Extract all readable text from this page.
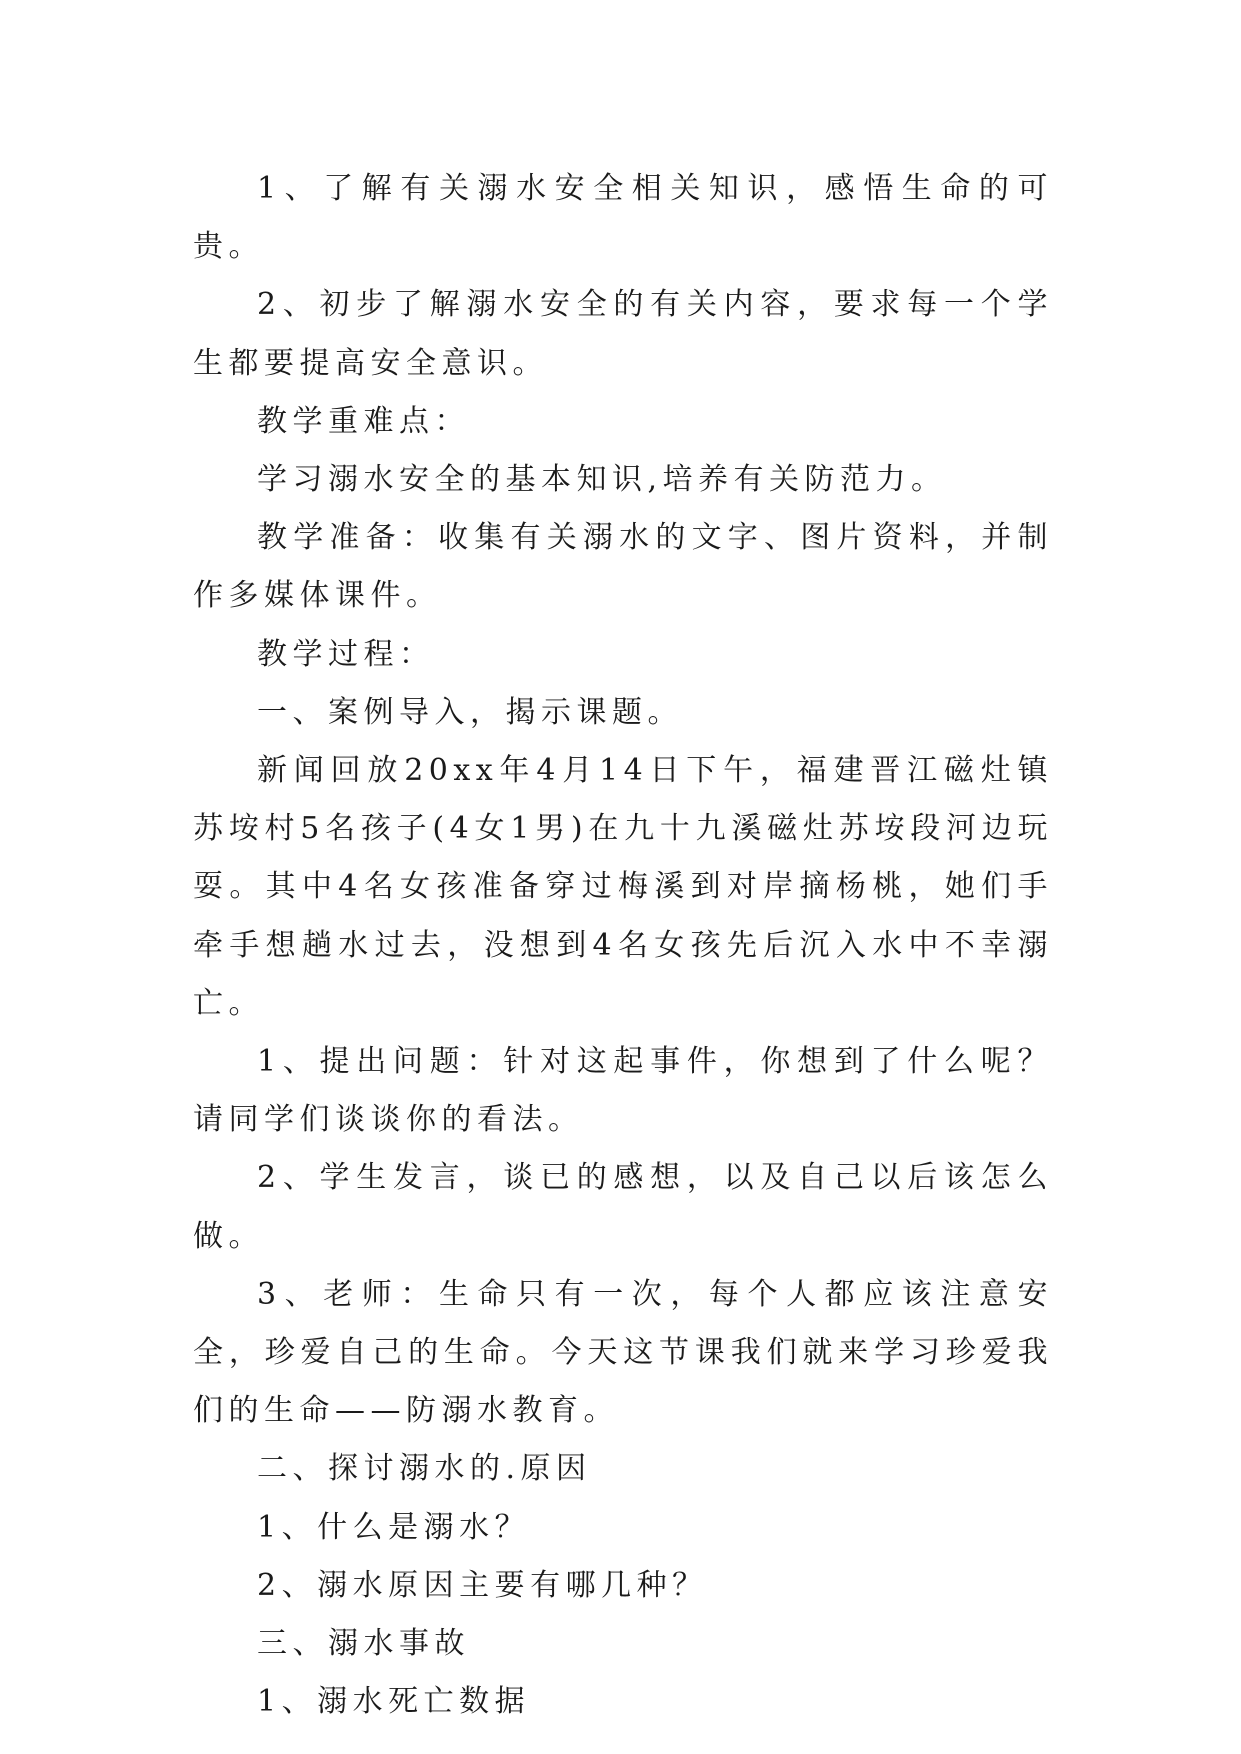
1、了解有关溺水安全相关知识，感悟生命的可贵。

2、初步了解溺水安全的有关内容，要求每一个学生都要提高安全意识。

教学重难点：

学习溺水安全的基本知识,培养有关防范力。

教学准备：收集有关溺水的文字、图片资料，并制作多媒体课件。

教学过程：

一、案例导入，揭示课题。

新闻回放20xx年4月14日下午，福建晋江磁灶镇苏垵村5名孩子(4女1男)在九十九溪磁灶苏垵段河边玩耍。其中4名女孩准备穿过梅溪到对岸摘杨桃，她们手牵手想趟水过去，没想到4名女孩先后沉入水中不幸溺亡。

1、提出问题：针对这起事件，你想到了什么呢？请同学们谈谈你的看法。

2、学生发言，谈已的感想，以及自己以后该怎么做。

3、老师：生命只有一次，每个人都应该注意安全，珍爱自己的生命。今天这节课我们就来学习珍爱我们的生命——防溺水教育。

二、探讨溺水的.原因

1、什么是溺水？

2、溺水原因主要有哪几种？

三、溺水事故

1、溺水死亡数据
